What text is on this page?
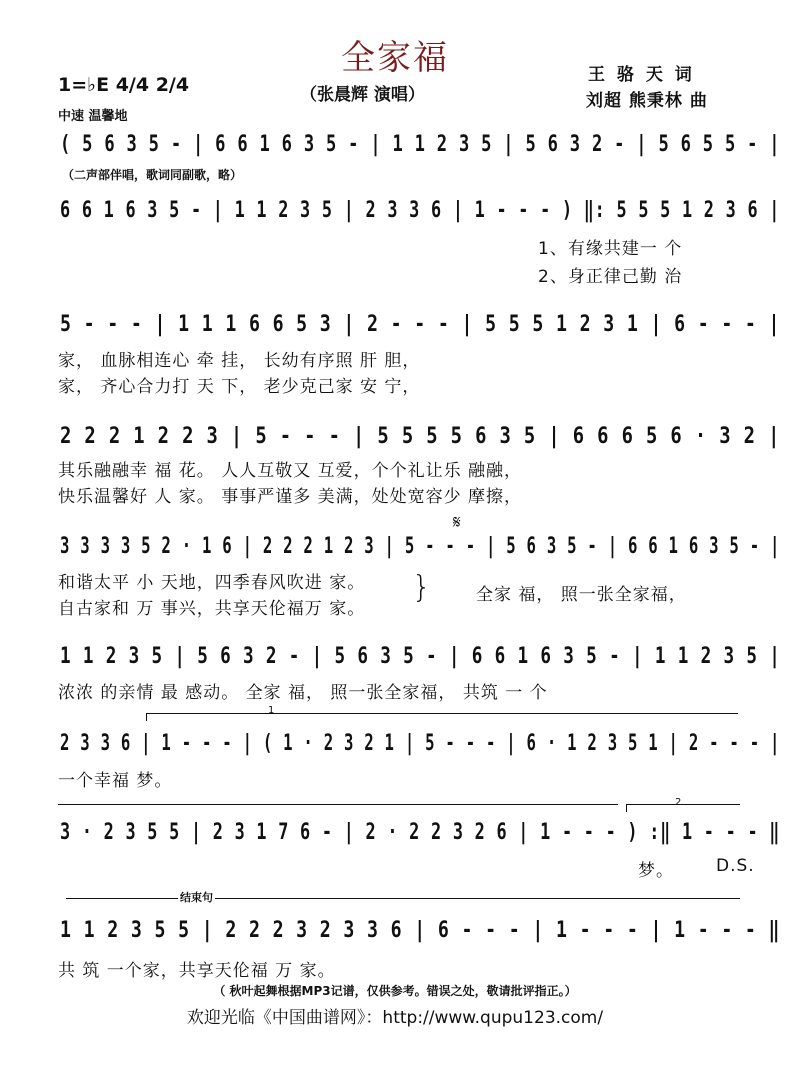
全家福
（张晨辉 演唱）
王 骆 天 词
刘超 熊秉林 曲
1=♭E 4/4 2/4
中速 温馨地
( 5 6 3 5 - | 6 6 1 6 3 5 - | 1 1 2 3 5 | 5 6 3 2 - | 5 6 5 5 - |
（二声部伴唱，歌词同副歌，略）
6 6 1 6 3 5 - | 1 1 2 3 5 | 2 3 3 6 | 1 - - - ) ‖: 5 5 5 1 2 3 6 |
1、有缘共建一 个
2、身正律己勤 治
5 - - - | 1 1 1 6 6 5 3 | 2 - - - | 5 5 5 1 2 3 1 | 6 - - - |
家， 血脉相连心 牵 挂， 长幼有序照 肝 胆，
家， 齐心合力打 天 下， 老少克己家 安 宁，
2 2 2 1 2 2 3 | 5 - - - | 5 5 5 5 6 3 5 | 6 6 6 5 6 · 3 2 |
其乐融融幸 福 花。 人人互敬又 互爱，个个礼让乐 融融，
快乐温馨好 人 家。 事事严谨多 美满，处处宽容少 摩擦，
𝄋
3 3 3 3 5 2 · 1 6 | 2 2 2 1 2 3 | 5 - - - | 5 6 3 5 - | 6 6 1 6 3 5 - |
和谐太平 小 天地，四季春风吹进 家。
自古家和 万 事兴，共享天伦福万 家。
}	全家 福， 照一张全家福，
1 1 2 3 5 | 5 6 3 2 - | 5 6 3 5 - | 6 6 1 6 3 5 - | 1 1 2 3 5 |
浓浓 的亲情 最 感动。 全家 福， 照一张全家福， 共筑 一 个
1
2 3 3 6 | 1 - - - | ( 1 · 2 3 2 1 | 5 - - - | 6 · 1 2 3 5 1 | 2 - - - |
一个幸福 梦。
2
3 · 2 3 5 5 | 2 3 1 7 6 - | 2 · 2 2 3 2 6 | 1 - - - ) :‖ 1 - - - ‖
梦。 D.S.
结束句
1 1 2 3 5 5 | 2 2 2 3 2 3 3 6 | 6 - - - | 1 - - - | 1 - - - ‖
共 筑 一个家，共享天伦福 万 家。
（ 秋叶起舞根据MP3记谱，仅供参考。错误之处，敬请批评指正。）
欢迎光临《中国曲谱网》：http://www.qupu123.com/
